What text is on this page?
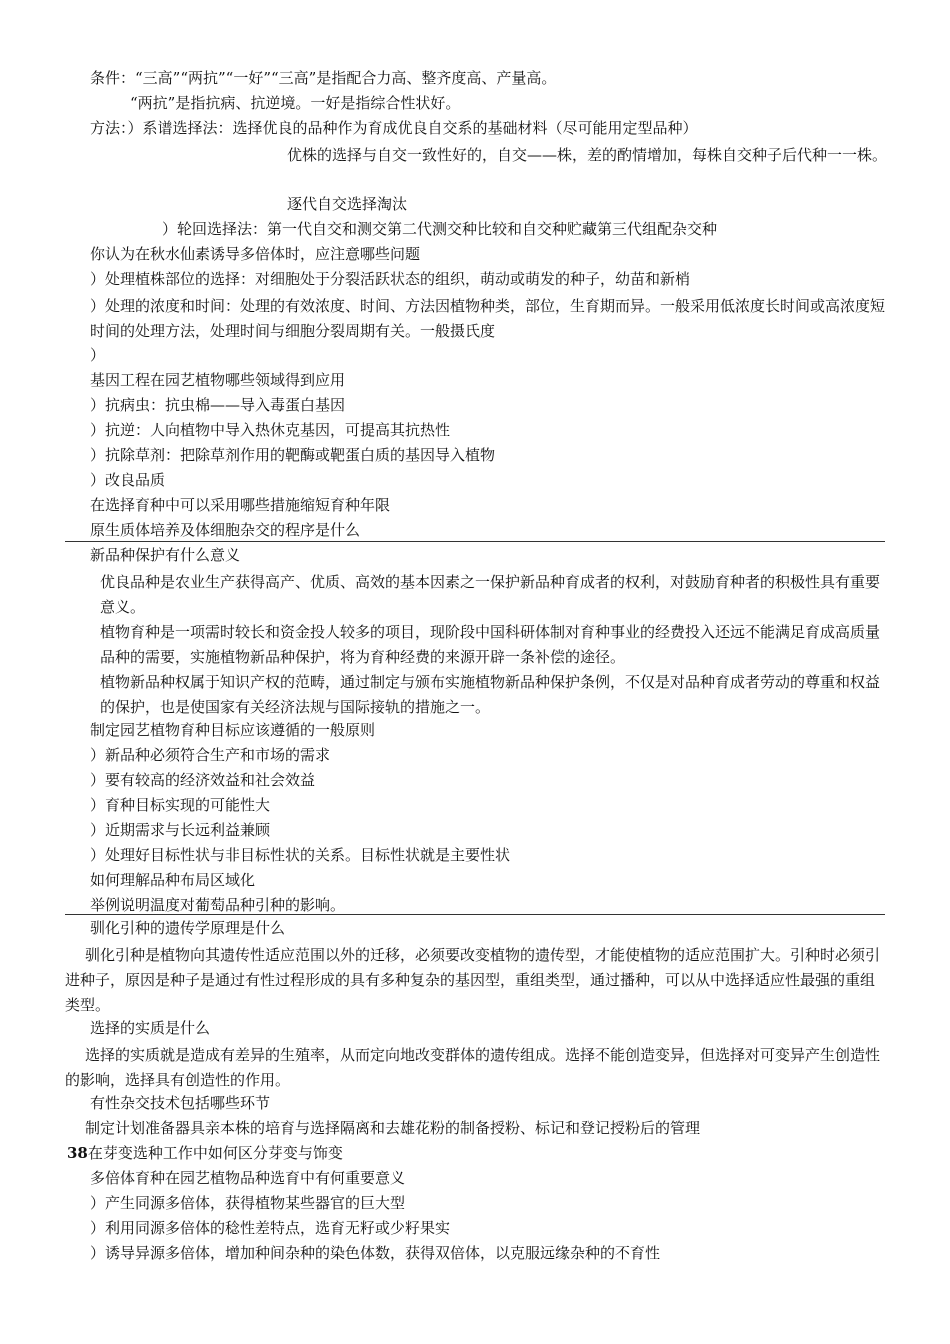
条件：“三高”“两抗”“一好”“三高”是指配合力高、整齐度高、产量高。
“两抗”是指抗病、抗逆境。一好是指综合性状好。
方法：）系谱选择法：选择优良的品种作为育成优良自交系的基础材料（尽可能用定型品种）
优株的选择与自交一致性好的，自交——株，差的酌情增加，每株自交种子后代种一一株。
逐代自交选择淘汰
）轮回选择法：第一代自交和测交第二代测交种比较和自交种贮藏第三代组配杂交种
你认为在秋水仙素诱导多倍体时，应注意哪些问题
）处理植株部位的选择：对细胞处于分裂活跃状态的组织，萌动或萌发的种子，幼苗和新梢
）处理的浓度和时间：处理的有效浓度、时间、方法因植物种类，部位，生育期而异。一般采用低浓度长时间或高浓度短时间的处理方法，处理时间与细胞分裂周期有关。一般摄氏度
）
基因工程在园艺植物哪些领域得到应用
）抗病虫：抗虫棉——导入毒蛋白基因
）抗逆：人向植物中导入热休克基因，可提高其抗热性
）抗除草剂：把除草剂作用的靶酶或靶蛋白质的基因导入植物
）改良品质
在选择育种中可以采用哪些措施缩短育种年限
原生质体培养及体细胞杂交的程序是什么
新品种保护有什么意义
优良品种是农业生产获得高产、优质、高效的基本因素之一保护新品种育成者的权利，对鼓励育种者的积极性具有重要意义。
植物育种是一项需时较长和资金投人较多的项目，现阶段中国科研体制对育种事业的经费投入还远不能满足育成高质量品种的需要，实施植物新品种保护，将为育种经费的来源开辟一条补偿的途径。
植物新品种权属于知识产权的范畴，通过制定与颁布实施植物新品种保护条例，不仅是对品种育成者劳动的尊重和权益的保护，也是使国家有关经济法规与国际接轨的措施之一。
制定园艺植物育种目标应该遵循的一般原则
）新品种必须符合生产和市场的需求
）要有较高的经济效益和社会效益
）育种目标实现的可能性大
）近期需求与长远利益兼顾
）处理好目标性状与非目标性状的关系。目标性状就是主要性状
如何理解品种布局区域化
举例说明温度对葡萄品种引种的影响。
驯化引种的遗传学原理是什么
驯化引种是植物向其遗传性适应范围以外的迁移，必须要改变植物的遗传型，才能使植物的适应范围扩大。引种时必须引进种子，原因是种子是通过有性过程形成的具有多种复杂的基因型，重组类型，通过播种，可以从中选择适应性最强的重组类型。
选择的实质是什么
选择的实质就是造成有差异的生殖率，从而定向地改变群体的遗传组成。选择不能创造变异，但选择对可变异产生创造性的影响，选择具有创造性的作用。
有性杂交技术包括哪些环节
制定计划准备器具亲本株的培育与选择隔离和去雄花粉的制备授粉、标记和登记授粉后的管理
38在芽变选种工作中如何区分芽变与饰变
多倍体育种在园艺植物品种选育中有何重要意义
）产生同源多倍体，获得植物某些器官的巨大型
）利用同源多倍体的稔性差特点，选育无籽或少籽果实
）诱导异源多倍体，增加种间杂种的染色体数，获得双倍体，以克服远缘杂种的不育性
